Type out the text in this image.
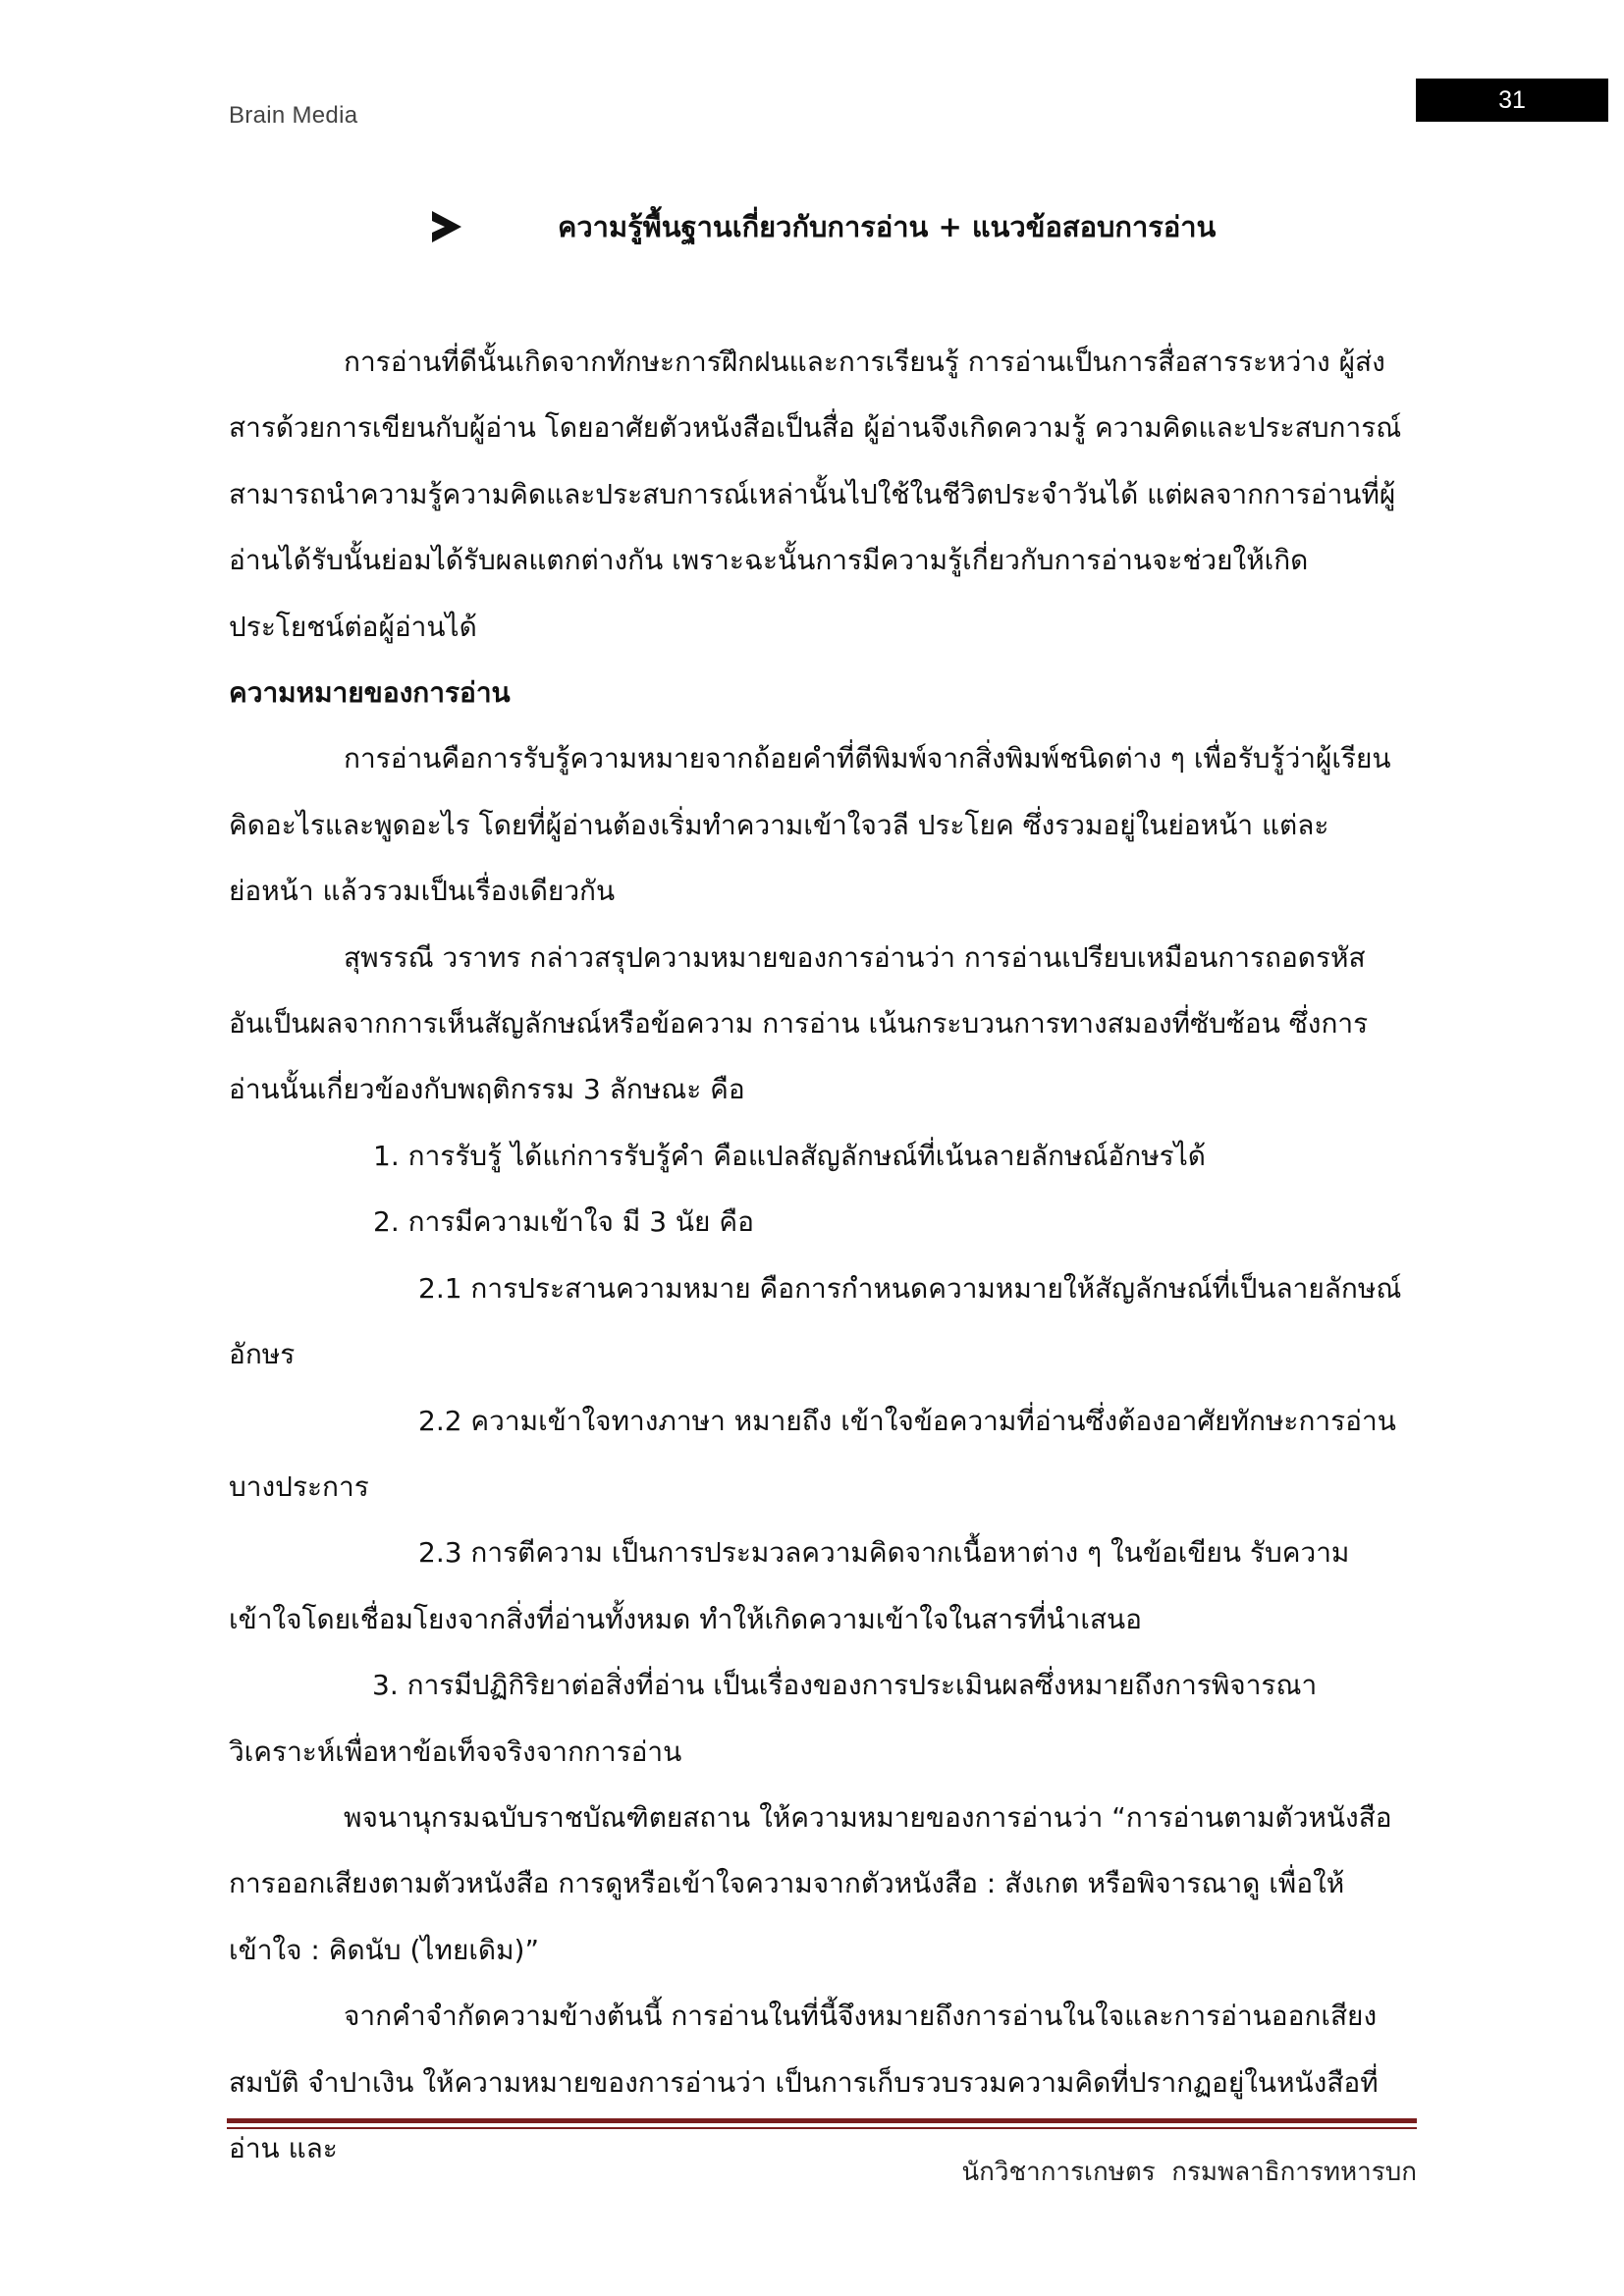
Brain Media
31
ความรู้พื้นฐานเกี่ยวกับการอ่าน + แนวข้อสอบการอ่าน

การอ่านที่ดีนั้นเกิดจากทักษะการฝึกฝนและการเรียนรู้ การอ่านเป็นการสื่อสารระหว่าง ผู้ส่งสารด้วยการเขียนกับผู้อ่าน โดยอาศัยตัวหนังสือเป็นสื่อ ผู้อ่านจึงเกิดความรู้ ความคิดและประสบการณ์ สามารถนำความรู้ความคิดและประสบการณ์เหล่านั้นไปใช้ในชีวิตประจำวันได้ แต่ผลจากการอ่านที่ผู้อ่านได้รับนั้นย่อมได้รับผลแตกต่างกัน เพราะฉะนั้นการมีความรู้เกี่ยวกับการอ่านจะช่วยให้เกิดประโยชน์ต่อผู้อ่านได้

ความหมายของการอ่าน

การอ่านคือการรับรู้ความหมายจากถ้อยคำที่ตีพิมพ์จากสิ่งพิมพ์ชนิดต่าง ๆ เพื่อรับรู้ว่าผู้เรียนคิดอะไรและพูดอะไร โดยที่ผู้อ่านต้องเริ่มทำความเข้าใจวลี ประโยค ซึ่งรวมอยู่ในย่อหน้า แต่ละย่อหน้า แล้วรวมเป็นเรื่องเดียวกัน

สุพรรณี วราทร กล่าวสรุปความหมายของการอ่านว่า การอ่านเปรียบเหมือนการถอดรหัส อันเป็นผลจากการเห็นสัญลักษณ์หรือข้อความ การอ่าน เน้นกระบวนการทางสมองที่ซับซ้อน ซึ่งการอ่านนั้นเกี่ยวข้องกับพฤติกรรม 3 ลักษณะ คือ

1. การรับรู้ ได้แก่การรับรู้คำ คือแปลสัญลักษณ์ที่เน้นลายลักษณ์อักษรได้

2. การมีความเข้าใจ มี 3 นัย คือ

2.1 การประสานความหมาย คือการกำหนดความหมายให้สัญลักษณ์ที่เป็นลายลักษณ์อักษร

2.2 ความเข้าใจทางภาษา หมายถึง เข้าใจข้อความที่อ่านซึ่งต้องอาศัยทักษะการอ่านบางประการ

2.3 การตีความ เป็นการประมวลความคิดจากเนื้อหาต่าง ๆ ในข้อเขียน รับความเข้าใจโดยเชื่อมโยงจากสิ่งที่อ่านทั้งหมด ทำให้เกิดความเข้าใจในสารที่นำเสนอ

3. การมีปฏิกิริยาต่อสิ่งที่อ่าน เป็นเรื่องของการประเมินผลซึ่งหมายถึงการพิจารณา วิเคราะห์เพื่อหาข้อเท็จจริงจากการอ่าน

พจนานุกรมฉบับราชบัณฑิตยสถาน ให้ความหมายของการอ่านว่า “การอ่านตามตัวหนังสือ การออกเสียงตามตัวหนังสือ การดูหรือเข้าใจความจากตัวหนังสือ : สังเกต หรือพิจารณาดู เพื่อให้เข้าใจ : คิดนับ (ไทยเดิม)”

จากคำจำกัดความข้างต้นนี้ การอ่านในที่นี้จึงหมายถึงการอ่านในใจและการอ่านออกเสียง สมบัติ จำปาเงิน ให้ความหมายของการอ่านว่า เป็นการเก็บรวบรวมความคิดที่ปรากฏอยู่ในหนังสือที่อ่าน และ

นักวิชาการเกษตร  กรมพลาธิการทหารบก
